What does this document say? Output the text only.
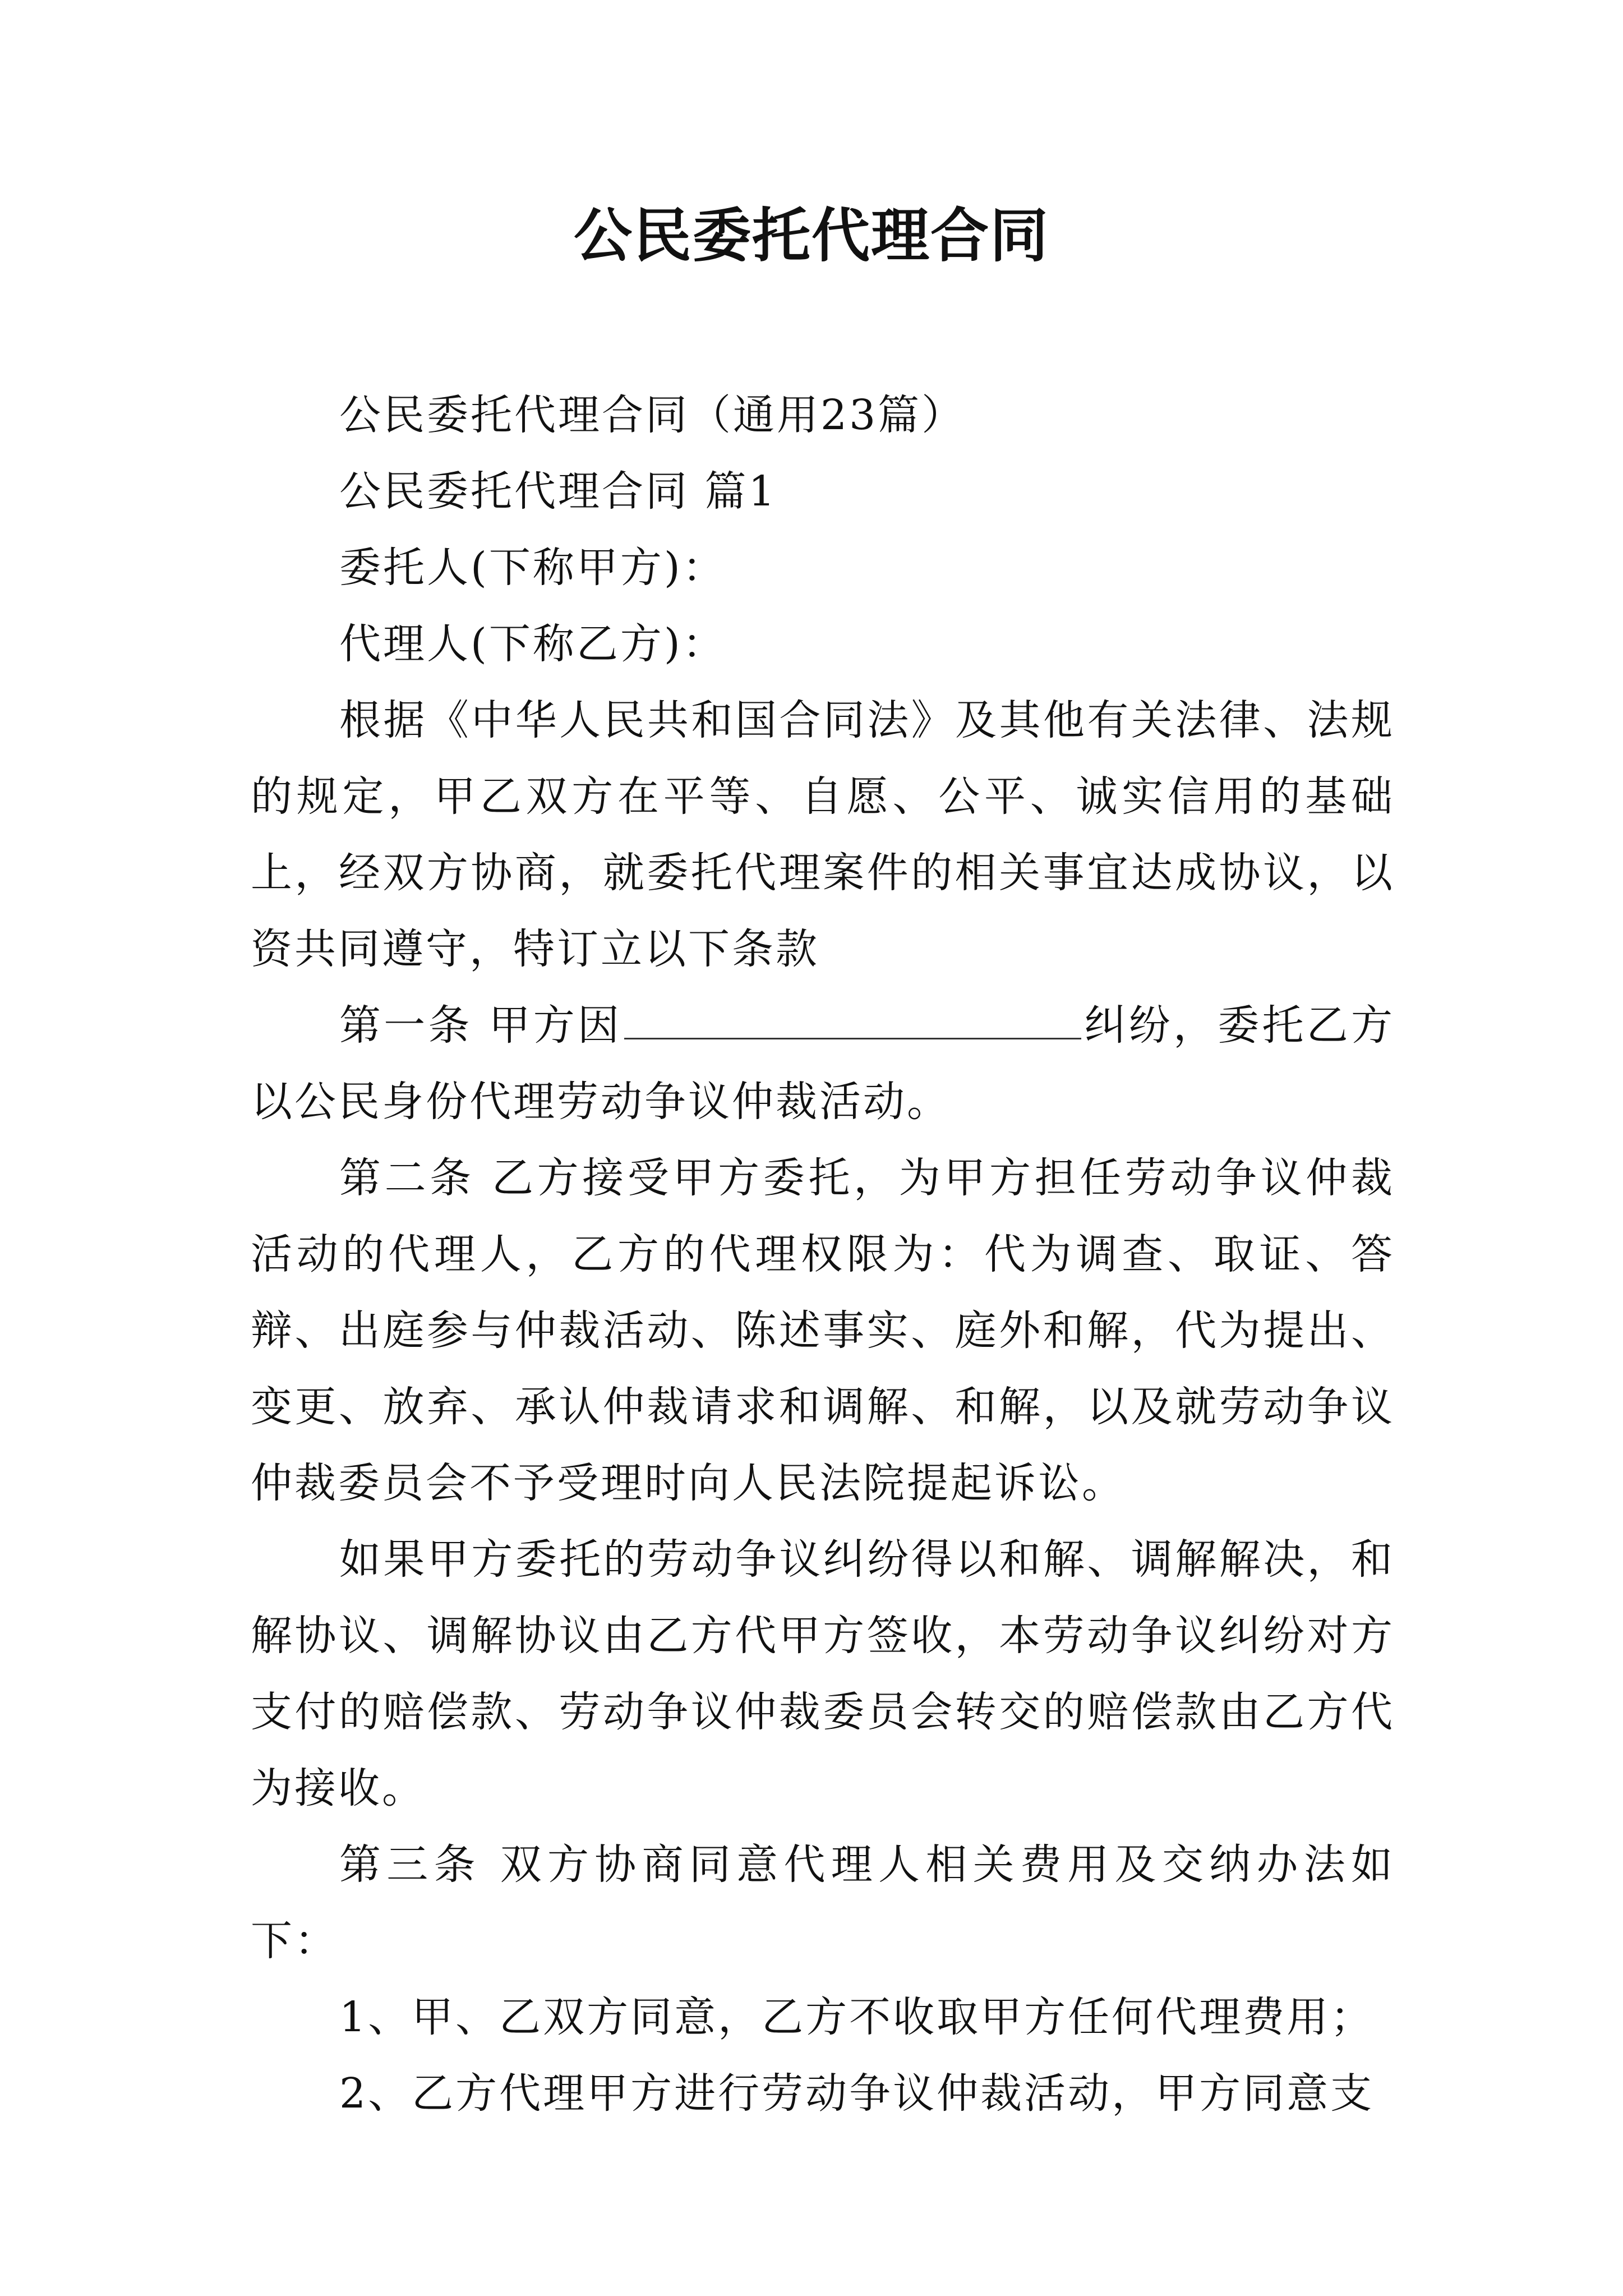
公民委托代理合同

公民委托代理合同（通用23篇）

公民委托代理合同 篇1

委托人(下称甲方)：

代理人(下称乙方)：

根据《中华人民共和国合同法》及其他有关法律、法规的规定，甲乙双方在平等、自愿、公平、诚实信用的基础上，经双方协商，就委托代理案件的相关事宜达成协议，以资共同遵守，特订立以下条款

第一条 甲方因	纠纷，委托乙方以公民身份代理劳动争议仲裁活动。

第二条 乙方接受甲方委托，为甲方担任劳动争议仲裁活动的代理人，乙方的代理权限为：代为调查、取证、答辩、出庭参与仲裁活动、陈述事实、庭外和解，代为提出、变更、放弃、承认仲裁请求和调解、和解，以及就劳动争议仲裁委员会不予受理时向人民法院提起诉讼。

如果甲方委托的劳动争议纠纷得以和解、调解解决，和解协议、调解协议由乙方代甲方签收，本劳动争议纠纷对方支付的赔偿款、劳动争议仲裁委员会转交的赔偿款由乙方代为接收。

第三条 双方协商同意代理人相关费用及交纳办法如下：

1、甲、乙双方同意，乙方不收取甲方任何代理费用；

2、乙方代理甲方进行劳动争议仲裁活动，甲方同意支
